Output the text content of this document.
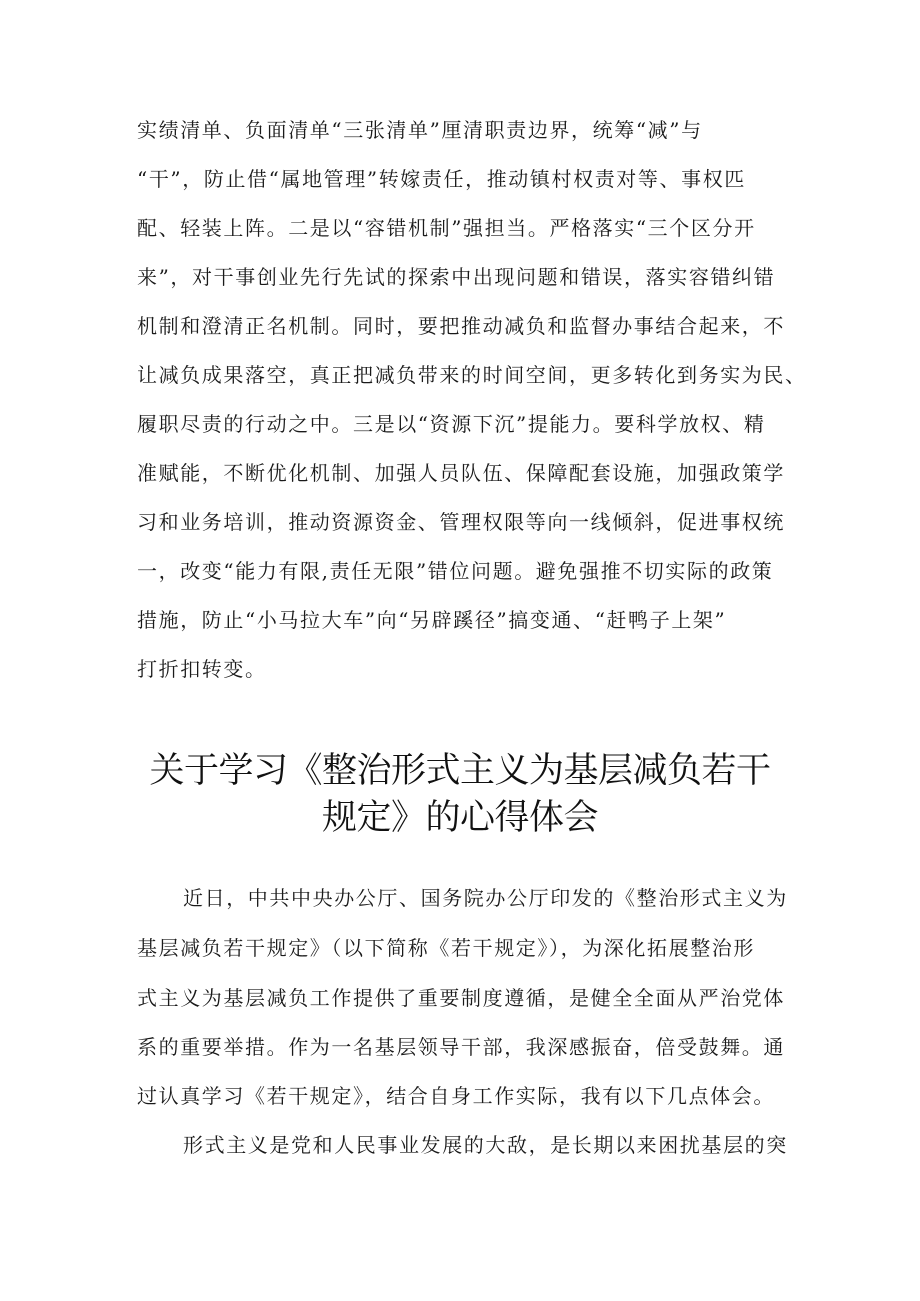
实绩清单、负面清单“三张清单”厘清职责边界，统筹“减”与
“干”，防止借“属地管理”转嫁责任，推动镇村权责对等、事权匹
配、轻装上阵。二是以“容错机制”强担当。严格落实“三个区分开
来”，对干事创业先行先试的探索中出现问题和错误，落实容错纠错
机制和澄清正名机制。同时，要把推动减负和监督办事结合起来，不
让减负成果落空，真正把减负带来的时间空间，更多转化到务实为民、
履职尽责的行动之中。三是以“资源下沉”提能力。要科学放权、精
准赋能，不断优化机制、加强人员队伍、保障配套设施，加强政策学
习和业务培训，推动资源资金、管理权限等向一线倾斜，促进事权统
一，改变“能力有限,责任无限”错位问题。避免强推不切实际的政策
措施，防止“小马拉大车”向“另辟蹊径”搞变通、“赶鸭子上架”
打折扣转变。
关于学习《整治形式主义为基层减负若干
规定》的心得体会
近日，中共中央办公厅、国务院办公厅印发的《整治形式主义为
基层减负若干规定》（以下简称《若干规定》），为深化拓展整治形
式主义为基层减负工作提供了重要制度遵循，是健全全面从严治党体
系的重要举措。作为一名基层领导干部，我深感振奋，倍受鼓舞。通
过认真学习《若干规定》，结合自身工作实际，我有以下几点体会。
形式主义是党和人民事业发展的大敌，是长期以来困扰基层的突
